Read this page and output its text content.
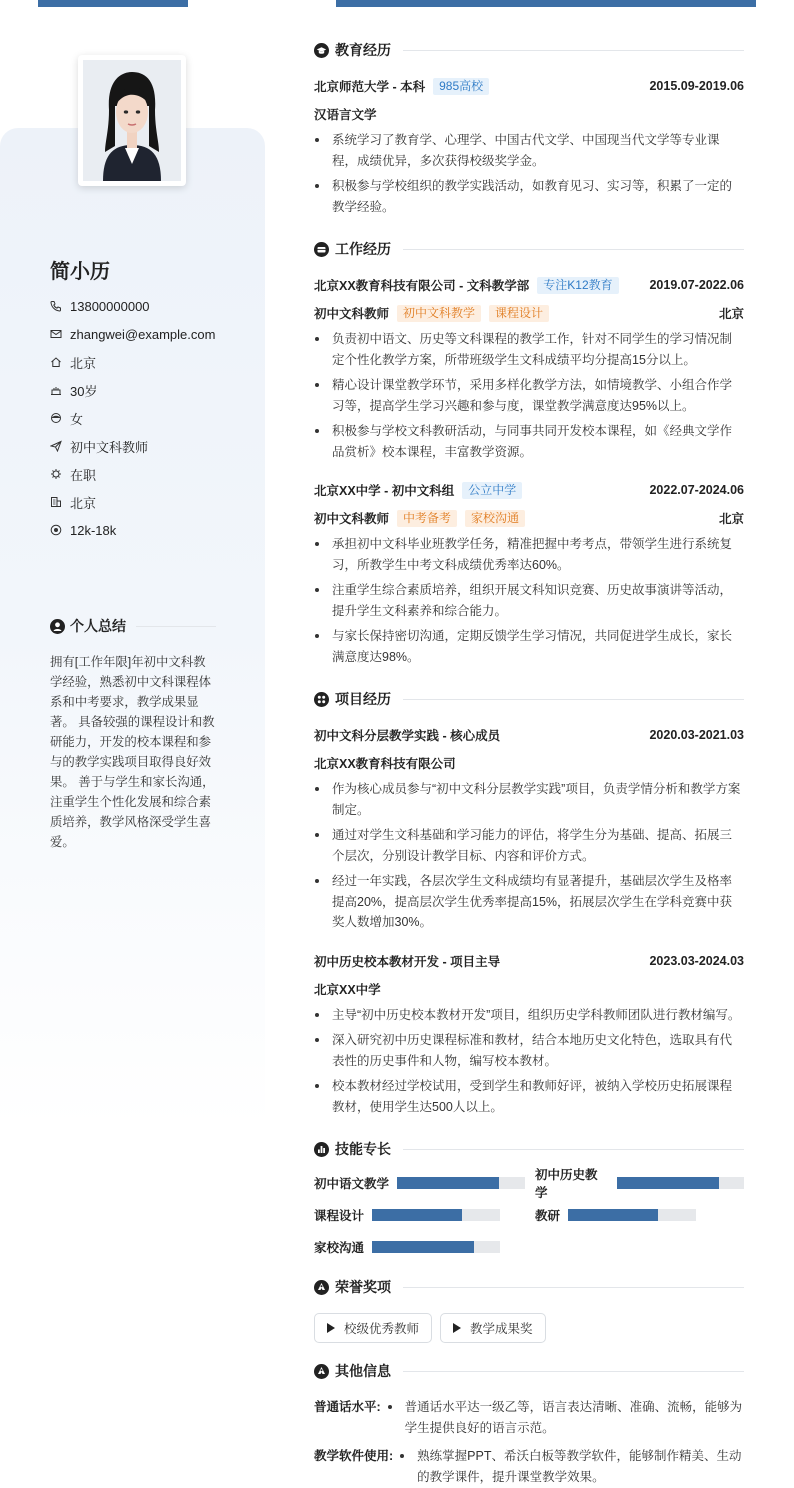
简小历
13800000000
zhangwei@example.com
北京
30岁
女
初中文科教师
在职
北京
12k-18k
个人总结
拥有[工作年限]年初中文科教学经验，熟悉初中文科课程体系和中考要求，教学成果显著。 具备较强的课程设计和教研能力，开发的校本课程和参与的教学实践项目取得良好效果。 善于与学生和家长沟通，注重学生个性化发展和综合素质培养，教学风格深受学生喜爱。
教育经历
北京师范大学 - 本科	985高校	2015.09-2019.06
汉语言文学
系统学习了教育学、心理学、中国古代文学、中国现当代文学等专业课程，成绩优异，多次获得校级奖学金。
积极参与学校组织的教学实践活动，如教育见习、实习等，积累了一定的教学经验。
工作经历
北京XX教育科技有限公司 - 文科教学部	专注K12教育	2019.07-2022.06
初中文科教师	初中文科教学	课程设计	北京
负责初中语文、历史等文科课程的教学工作，针对不同学生的学习情况制定个性化教学方案，所带班级学生文科成绩平均分提高15分以上。
精心设计课堂教学环节，采用多样化教学方法，如情境教学、小组合作学习等，提高学生学习兴趣和参与度，课堂教学满意度达95%以上。
积极参与学校文科教研活动，与同事共同开发校本课程，如《经典文学作品赏析》校本课程，丰富教学资源。
北京XX中学 - 初中文科组	公立中学	2022.07-2024.06
初中文科教师	中考备考	家校沟通	北京
承担初中文科毕业班教学任务，精准把握中考考点，带领学生进行系统复习，所教学生中考文科成绩优秀率达60%。
注重学生综合素质培养，组织开展文科知识竞赛、历史故事演讲等活动，提升学生文科素养和综合能力。
与家长保持密切沟通，定期反馈学生学习情况，共同促进学生成长，家长满意度达98%。
项目经历
初中文科分层教学实践 - 核心成员	2020.03-2021.03
北京XX教育科技有限公司
作为核心成员参与“初中文科分层教学实践”项目，负责学情分析和教学方案制定。
通过对学生文科基础和学习能力的评估，将学生分为基础、提高、拓展三个层次，分别设计教学目标、内容和评价方式。
经过一年实践，各层次学生文科成绩均有显著提升，基础层次学生及格率提高20%，提高层次学生优秀率提高15%，拓展层次学生在学科竞赛中获奖人数增加30%。
初中历史校本教材开发 - 项目主导	2023.03-2024.03
北京XX中学
主导“初中历史校本教材开发”项目，组织历史学科教师团队进行教材编写。
深入研究初中历史课程标准和教材，结合本地历史文化特色，选取具有代表性的历史事件和人物，编写校本教材。
校本教材经过学校试用，受到学生和教师好评，被纳入学校历史拓展课程教材，使用学生达500人以上。
技能专长
初中语文教学
初中历史教学
课程设计	教研
家校沟通
荣誉奖项
校级优秀教师	教学成果奖
其他信息
普通话水平:	普通话水平达一级乙等，语言表达清晰、准确、流畅，能够为学生提供良好的语言示范。
教学软件使用:	熟练掌握PPT、希沃白板等教学软件，能够制作精美、生动的教学课件，提升课堂教学效果。
